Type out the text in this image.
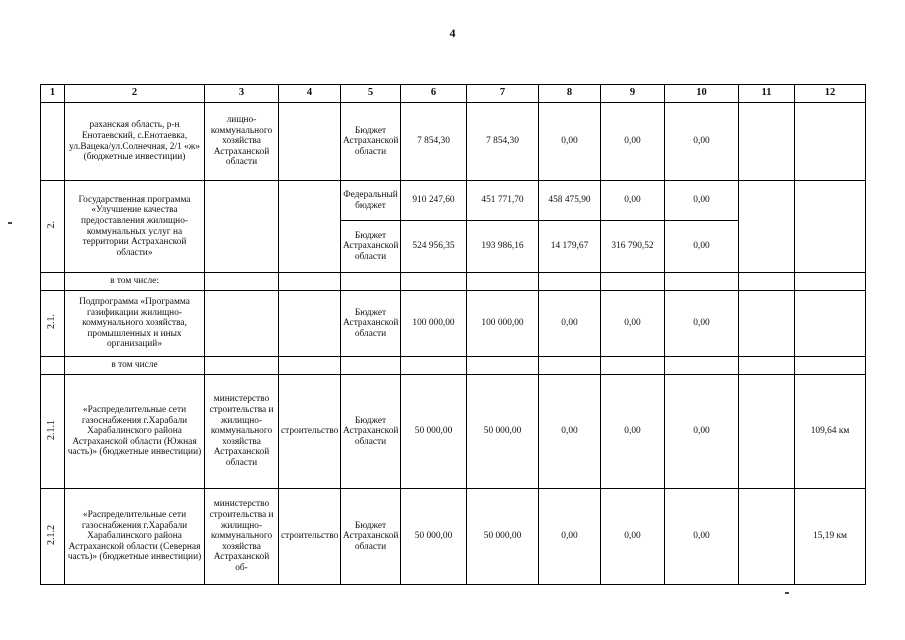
4
1	2	3	4	5	6	7	8	9	10	11	12
	раханская область, р-н Енотаевский, с.Енотаевка, ул.Вацека/ул.Солнечная, 2/1 «ж» (бюджетные инвестиции)	лищно-коммунального хозяйства Астраханской области		Бюджет Астраханской области	7 854,30	7 854,30	0,00	0,00	0,00		
2.	Государственная программа «Улучшение качества предоставления жилищно-коммунальных услуг на территории Астраханской области»			Федеральный бюджет	910 247,60	451 771,70	458 475,90	0,00	0,00		
				Бюджет Астраханской области	524 956,35	193 986,16	14 179,67	316 790,52	0,00		
	в том числе:										
2.1.	Подпрограмма «Программа газификации жилищно-коммунального хозяйства, промышленных и иных организаций»			Бюджет Астраханской области	100 000,00	100 000,00	0,00	0,00	0,00		
	в том числе										
2.1.1	«Распределительные сети газоснабжения г.Харабали Харабалинского района Астраханской области (Южная часть)» (бюджетные инвестиции)	министерство строительства и жилищно-коммунального хозяйства Астраханской области	строительство	Бюджет Астраханской области	50 000,00	50 000,00	0,00	0,00	0,00		109,64 км
2.1.2	«Распределительные сети газоснабжения г.Харабали Харабалинского района Астраханской области (Северная часть)» (бюджетные инвестиции)	министерство строительства и жилищно-коммунального хозяйства Астраханской об-	строительство	Бюджет Астраханской области	50 000,00	50 000,00	0,00	0,00	0,00		15,19 км
